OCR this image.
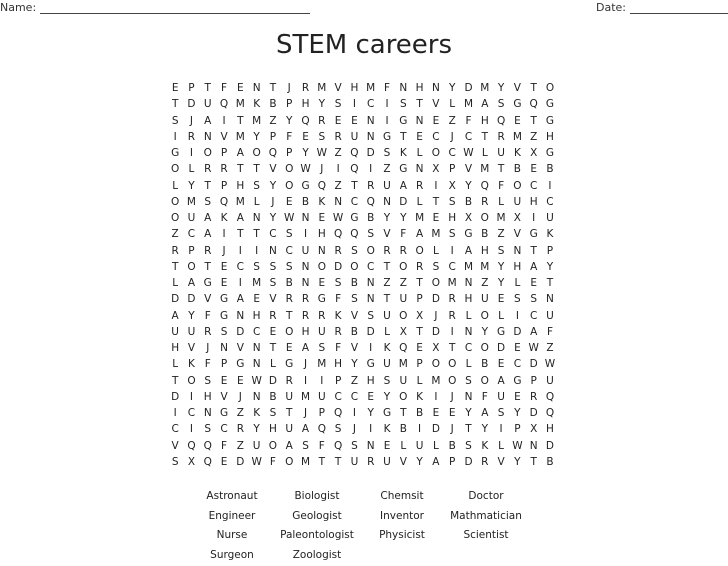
Name:	Date:
STEM careers
E P T F E N T	J	R M V H M F N H N Y D M Y V T O
T D U Q M K B P H Y S	I	C	I	S T V L M A S G Q G
S	J	A	I	T M Z Y Q R E E N	I	G N E Z F H Q E T G
I	R N V M Y P F E S R U N G T E C	J	C T R M Z H
G	I	O P A O Q P Y W Z Q D S K L O C W L U K X G
O L R R T T V O W J	I	Q	I	Z G N X P V M T B E B
L Y T P H S Y O G Q Z T R U A R	I	X Y Q F O C	I
O M S Q M L	J	E B K N C Q N D L T S B R L U H C
O U A K A N Y W N E W G B Y Y M E H X O M X	I	U
Z C A	I	T T C S	I	H Q Q S V F A M S G B Z V G K
R P R	J	I	I	N C U N R S O R R O L	I	A H S N T P
T O T E C S S S N O D O C T O R S C M M Y H A Y
L A G E	I M S B N E S B N Z Z T O M N Z Y L E T
D D V G A E V R R G F S N T U P D R H U E S S N
A Y F G N H R T R R K V S U O X	J	R L O L	I	C U
U U R S D C E O H U R B D L X T D	I	N Y G D A F
H V	J	N V N T E A S F V	I	K Q E X T C O D E W Z
L K F P G N L G	J M H Y G U M P O O L B E C D W
T O S E E W D R	I	I	P Z H S U L M O S O A G P U
D	I	H V	J	N B U M U C C E Y O K	I	J	N F U E R Q
I	C N G Z K S T	J	P Q	I	Y G T B E E Y A S Y D Q
C	I	S C R Y H U A Q S	J	I	K B	I	D	J	T Y	I	P X H
V Q Q F Z U O A S F Q S N E L U L B S K L W N D
S X Q E D W F O M T T U R U V Y A P D R V Y T B
Astronaut	Biologist	Chemsit	Doctor
Engineer	Geologist	Inventor	Mathmatician
Nurse	Paleontologist	Physicist	Scientist
Surgeon	Zoologist
